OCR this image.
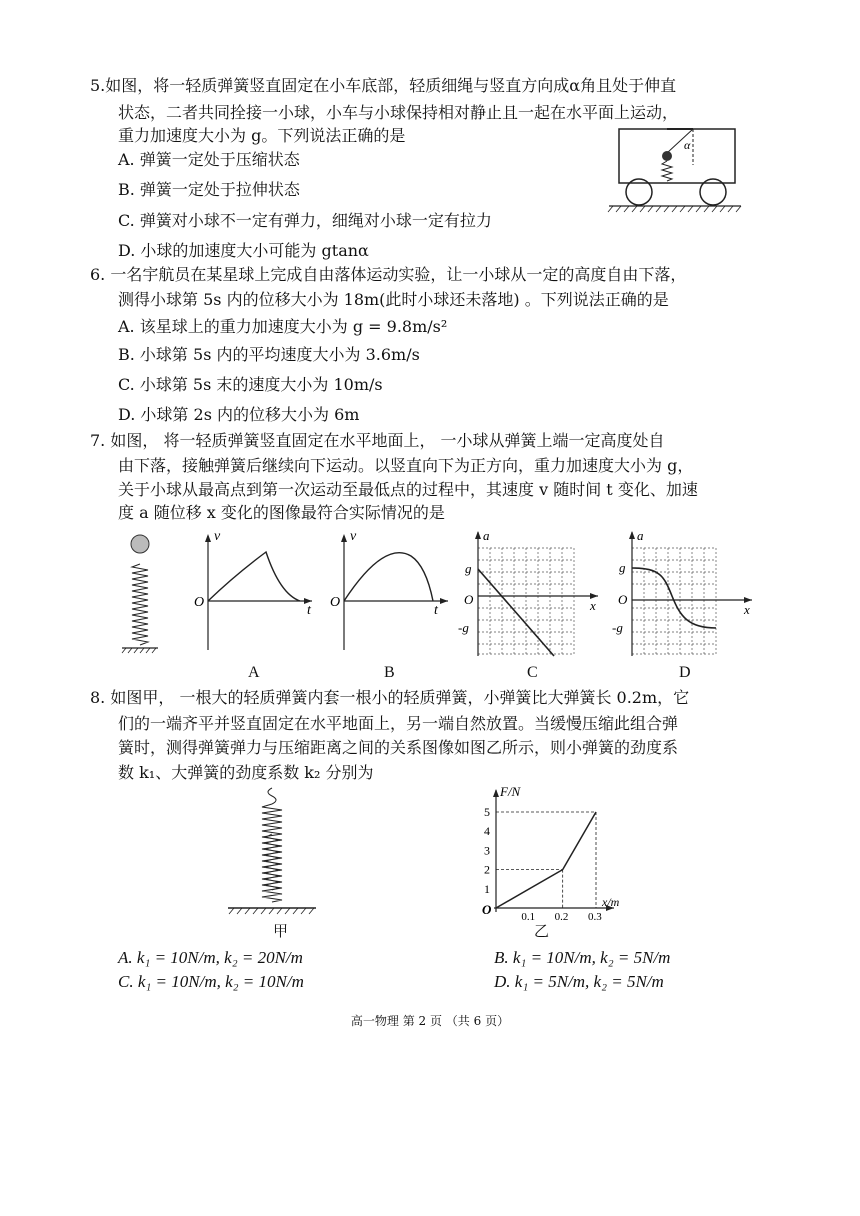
5.如图，将一轻质弹簧竖直固定在小车底部，轻质细绳与竖直方向成α角且处于伸直
状态，二者共同拴接一小球，小车与小球保持相对静止且一起在水平面上运动，
重力加速度大小为 g。下列说法正确的是
A. 弹簧一定处于压缩状态
B. 弹簧一定处于拉伸状态
C. 弹簧对小球不一定有弹力，细绳对小球一定有拉力
D. 小球的加速度大小可能为 gtanα
α
6. 一名宇航员在某星球上完成自由落体运动实验，让一小球从一定的高度自由下落，
测得小球第 5s 内的位移大小为 18m(此时小球还未落地) 。下列说法正确的是
A. 该星球上的重力加速度大小为 g = 9.8m/s²
B. 小球第 5s 内的平均速度大小为 3.6m/s
C. 小球第 5s 末的速度大小为 10m/s
D. 小球第 2s 内的位移大小为 6m
7. 如图， 将一轻质弹簧竖直固定在水平地面上， 一小球从弹簧上端一定高度处自
由下落，接触弹簧后继续向下运动。以竖直向下为正方向，重力加速度大小为 g，
关于小球从最高点到第一次运动至最低点的过程中，其速度 v 随时间 t 变化、加速
度 a 随位移 x 变化的图像最符合实际情况的是
v
t
O
A
v
t
O
B
a
x
O
g
-g
C
a
x
O
g
-g
D
8. 如图甲， 一根大的轻质弹簧内套一根小的轻质弹簧，小弹簧比大弹簧长 0.2m，它
们的一端齐平并竖直固定在水平地面上，另一端自然放置。当缓慢压缩此组合弹
簧时，测得弹簧弹力与压缩距离之间的关系图像如图乙所示，则小弹簧的劲度系
数 k₁、大弹簧的劲度系数 k₂ 分别为
甲
1
2
3
4
5
0.1 0.2 0.3
O
F/N
x/m
乙
A. k₁ = 10N/m, k₂ = 20N/m	B. k₁ = 10N/m, k₂ = 5N/m
C. k₁ = 10N/m, k₂ = 10N/m	D. k₁ = 5N/m, k₂ = 5N/m
高一物理 第 2 页 （共 6 页）
